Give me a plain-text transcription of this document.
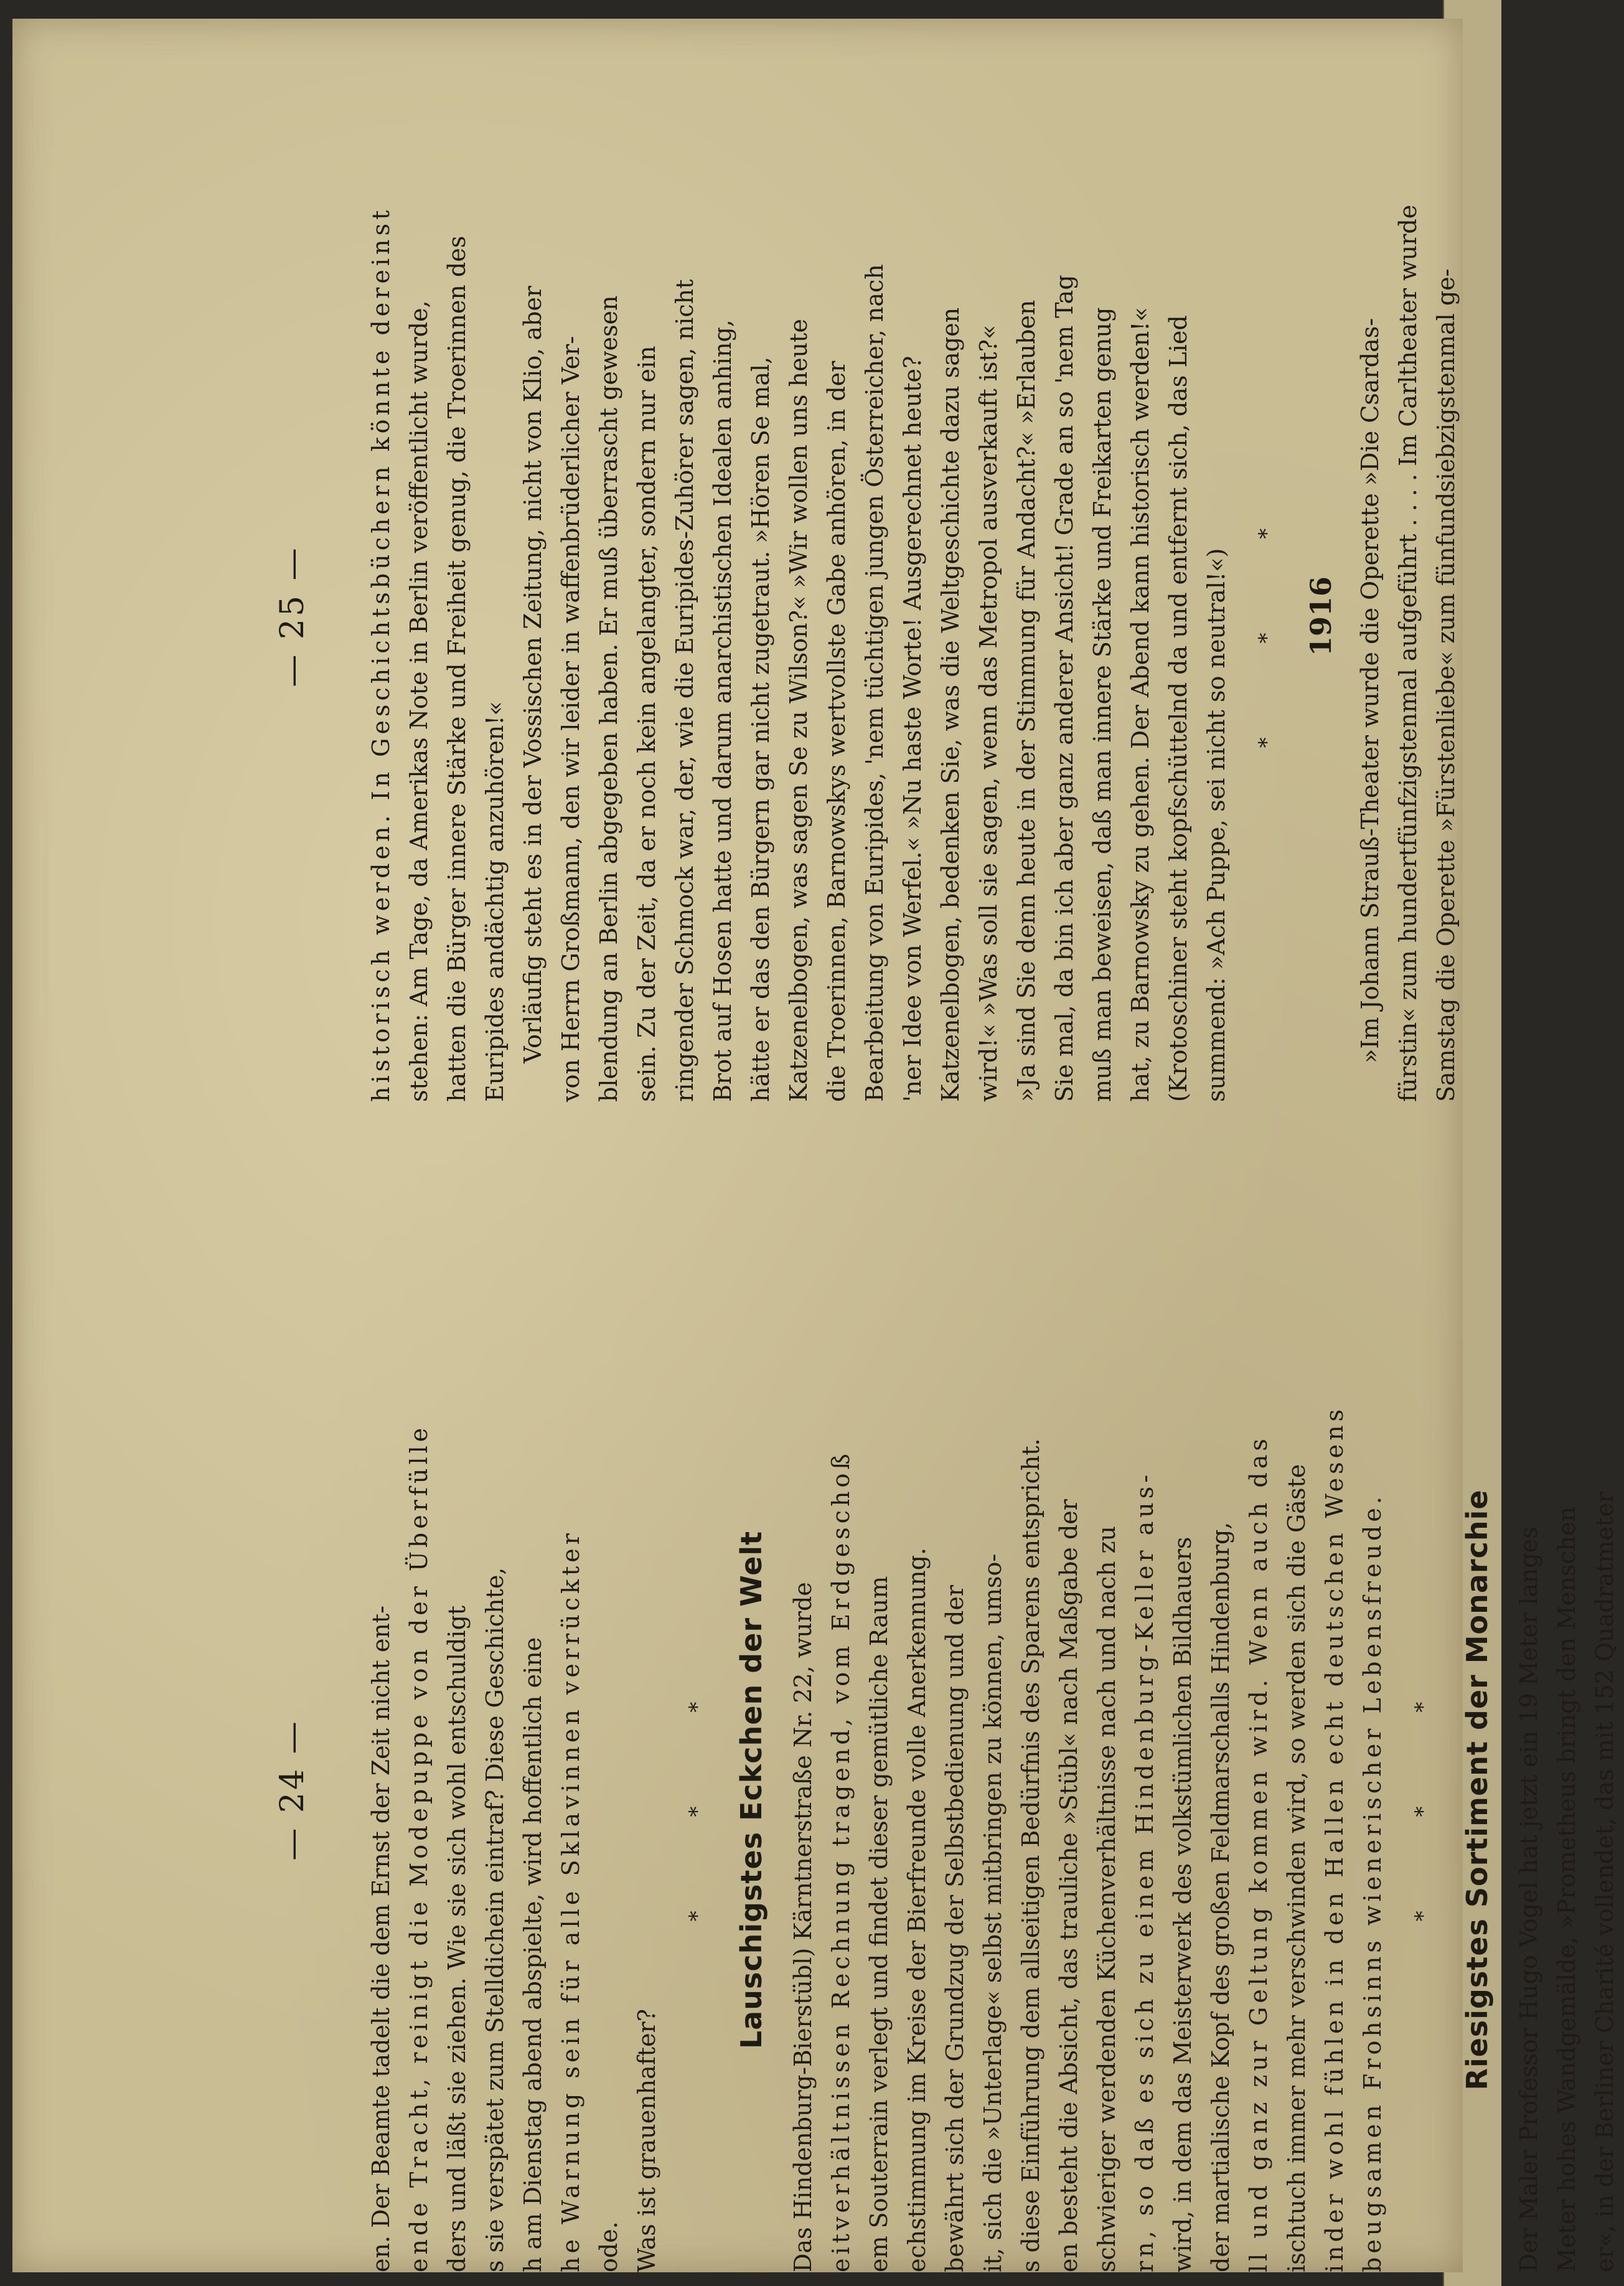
— 24 — en. Der Beamte tadelt die dem Ernst der Zeit nicht ent- ende Tracht, reinigt die Modepuppe von der Überfülle ders und läßt sie ziehen. Wie sie sich wohl entschuldigt s sie verspätet zum Stelldichein eintraf? Diese Geschichte, h am Dienstag abend abspielte, wird hoffentlich eine he Warnung sein für alle Sklavinnen verrückter ode. Was ist grauenhafter?

* * * Lauschigstes Eckchen der Welt Das Hindenburg-Bierstübl) Kärntnerstraße Nr. 22, wurde eitverhältnissen Rechnung tragend, vom Erdgeschoß em Souterrain verlegt und findet dieser gemütliche Raum echstimmung im Kreise der Bierfreunde volle Anerkennung. bewährt sich der Grundzug der Selbstbedienung und der it, sich die »Unterlage« selbst mitbringen zu können, umso- s diese Einführung dem allseitigen Bedürfnis des Sparens entspricht. en besteht die Absicht, das trauliche »Stübl« nach Maßgabe der schwieriger werdenden Küchenverhältnisse nach und nach zu rn, so daß es sich zu einem Hindenburg-Keller aus- wird, in dem das Meisterwerk des volkstümlichen Bildhauers der martialische Kopf des großen Feldmarschalls Hindenburg, ll und ganz zur Geltung kommen wird. Wenn auch das ischtuch immer mehr verschwinden wird, so werden sich die Gäste inder wohl fühlen in den Hallen echt deutschen Wesens beugsamen Frohsinns wienerischer Lebensfreude. * * * Riesigstes Sortiment der Monarchie Der Maler Professor Hugo Vogel hat jetzt ein 19 Meter langes Meter hohes Wandgemälde, »Prometheus bringt den Menschen er«, in der Berliner Charité vollendet, das mit 152 Quadratmeter

— 25 — historisch werden. In Geschichtsbüchern könnte dereinst stehen: Am Tage, da Amerikas Note in Berlin veröffentlicht wurde, hatten die Bürger innere Stärke und Freiheit genug, die Troerinnen des Euripides andächtig anzuhören!« Vorläufig steht es in der Vossischen Zeitung, nicht von Klio, aber von Herrn Großmann, den wir leider in waffenbrüderlicher Ver- blendung an Berlin abgegeben haben. Er muß überrascht gewesen sein. Zu der Zeit, da er noch kein angelangter, sondern nur ein ringender Schmock war, der, wie die Euripides-Zuhörer sagen, nicht Brot auf Hosen hatte und darum anarchistischen Idealen anhing, hätte er das den Bürgern gar nicht zugetraut. »Hören Se mal, Katzenelbogen, was sagen Se zu Wilson?« »Wir wollen uns heute die Troerinnen, Barnowskys wertvollste Gabe anhören, in der Bearbeitung von Euripides, 'nem tüchtigen jungen Österreicher, nach 'ner Idee von Werfel.« »Nu haste Worte! Ausgerechnet heute? Katzenelbogen, bedenken Sie, was die Weltgeschichte dazu sagen wird!« »Was soll sie sagen, wenn das Metropol ausverkauft ist?« »Ja sind Sie denn heute in der Stimmung für Andacht?« »Erlauben Sie mal, da bin ich aber ganz anderer Ansicht! Grade an so 'nem Tag muß man beweisen, daß man innere Stärke und Freikarten genug hat, zu Barnowsky zu gehen. Der Abend kann historisch werden!« (Krotoschiner steht kopfschüttelnd da und entfernt sich, das Lied summend: »Ach Puppe, sei nicht so neutral!«) * * * 1916 »Im Johann Strauß-Theater wurde die Operette »Die Csardas- fürstin« zum hundertfünfzigstenmal aufgeführt . . . . Im Carltheater wurde Samstag die Operette »Fürstenliebe« zum fünfundsiebzigstenmal ge-
